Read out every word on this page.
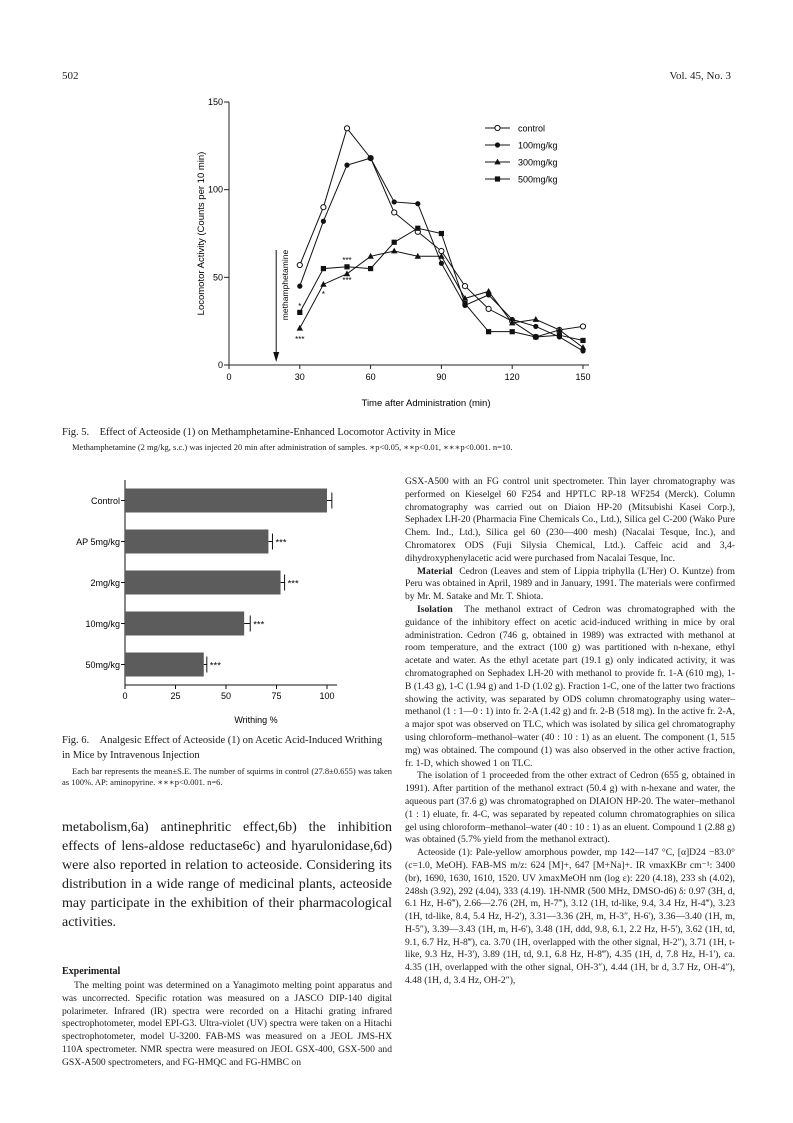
502	Vol. 45, No. 3
0
50
100
150
0	30	60	90	120	150
Time after Administration (min)
Locomotor Activity (Counts per 10 min)
control
100mg/kg
300mg/kg
500mg/kg
methamphetamine
***
*
*
***
***
Fig. 5. Effect of Acteoside (1) on Methamphetamine-Enhanced Locomotor Activity in Mice
Methamphetamine (2 mg/kg, s.c.) was injected 20 min after administration of samples. ∗p<0.05, ∗∗p<0.01, ∗∗∗p<0.001. n=10.
Control
AP 5mg/kg
2mg/kg
10mg/kg
50mg/kg
0	25	50	75	100
Writhing %
***
***
***
***
Fig. 6. Analgesic Effect of Acteoside (1) on Acetic Acid-Induced Writhing in Mice by Intravenous Injection
Each bar represents the mean±S.E. The number of squirms in control (27.8±0.655) was taken as 100%. AP: aminopyrine. ∗∗∗p<0.001. n=6.
metabolism,6a) antinephritic effect,6b) the inhibition effects of lens-aldose reductase6c) and hyarulonidase,6d) were also reported in relation to acteoside. Considering its distribution in a wide range of medicinal plants, acteoside may participate in the exhibition of their pharmacological activities.
Experimental

The melting point was determined on a Yanagimoto melting point apparatus and was uncorrected. Specific rotation was measured on a JASCO DIP-140 digital polarimeter. Infrared (IR) spectra were recorded on a Hitachi grating infrared spectrophotometer, model EPI-G3. Ultra-violet (UV) spectra were taken on a Hitachi spectrophotometer, model U-3200. FAB-MS was measured on a JEOL JMS-HX 110A spectrometer. NMR spectra were measured on JEOL GSX-400, GSX-500 and GSX-A500 spectrometers, and FG-HMQC and FG-HMBC on

GSX-A500 with an FG control unit spectrometer. Thin layer chromatography was performed on Kieselgel 60 F254 and HPTLC RP-18 WF254 (Merck). Column chromatography was carried out on Diaion HP-20 (Mitsubishi Kasei Corp.), Sephadex LH-20 (Pharmacia Fine Chemicals Co., Ltd.), Silica gel C-200 (Wako Pure Chem. Ind., Ltd.), Silica gel 60 (230—400 mesh) (Nacalai Tesque, Inc.), and Chromatorex ODS (Fuji Silysia Chemical, Ltd.). Caffeic acid and 3,4-dihydroxyphenylacetic acid were purchased from Nacalai Tesque, Inc.

Material Cedron (Leaves and stem of Lippia triphylla (L'Her) O. Kuntze) from Peru was obtained in April, 1989 and in January, 1991. The materials were confirmed by Mr. M. Satake and Mr. T. Shiota.

Isolation The methanol extract of Cedron was chromatographed with the guidance of the inhibitory effect on acetic acid-induced writhing in mice by oral administration. Cedron (746 g, obtained in 1989) was extracted with methanol at room temperature, and the extract (100 g) was partitioned with n-hexane, ethyl acetate and water. As the ethyl acetate part (19.1 g) only indicated activity, it was chromatographed on Sephadex LH-20 with methanol to provide fr. 1-A (610 mg), 1-B (1.43 g), 1-C (1.94 g) and 1-D (1.02 g). Fraction 1-C, one of the latter two fractions showing the activity, was separated by ODS column chromatography using water–methanol (1 : 1—0 : 1) into fr. 2-A (1.42 g) and fr. 2-B (518 mg). In the active fr. 2-A, a major spot was observed on TLC, which was isolated by silica gel chromatography using chloroform–methanol–water (40 : 10 : 1) as an eluent. The component (1, 515 mg) was obtained. The compound (1) was also observed in the other active fraction, fr. 1-D, which showed 1 on TLC.

The isolation of 1 proceeded from the other extract of Cedron (655 g, obtained in 1991). After partition of the methanol extract (50.4 g) with n-hexane and water, the aqueous part (37.6 g) was chromatographed on DIAION HP-20. The water–methanol (1 : 1) eluate, fr. 4-C, was separated by repeated column chromatographies on silica gel using chloroform–methanol–water (40 : 10 : 1) as an eluent. Compound 1 (2.88 g) was obtained (5.7% yield from the methanol extract).

Acteoside (1): Pale-yellow amorphous powder, mp 142—147 °C, [α]D24 −83.0° (c=1.0, MeOH). FAB-MS m/z: 624 [M]+, 647 [M+Na]+. IR νmaxKBr cm⁻¹: 3400 (br), 1690, 1630, 1610, 1520. UV λmaxMeOH nm (log ε): 220 (4.18), 233 sh (4.02), 248sh (3.92), 292 (4.04), 333 (4.19). 1H-NMR (500 MHz, DMSO-d6) δ: 0.97 (3H, d, 6.1 Hz, H-6‴), 2.66—2.76 (2H, m, H-7‴), 3.12 (1H, td-like, 9.4, 3.4 Hz, H-4‴), 3.23 (1H, td-like, 8.4, 5.4 Hz, H-2'), 3.31—3.36 (2H, m, H-3″, H-6'), 3.36—3.40 (1H, m, H-5″), 3.39—3.43 (1H, m, H-6'), 3.48 (1H, ddd, 9.8, 6.1, 2.2 Hz, H-5'), 3.62 (1H, td, 9.1, 6.7 Hz, H-8‴), ca. 3.70 (1H, overlapped with the other signal, H-2″), 3.71 (1H, t-like, 9.3 Hz, H-3'), 3.89 (1H, td, 9.1, 6.8 Hz, H-8‴), 4.35 (1H, d, 7.8 Hz, H-1'), ca. 4.35 (1H, overlapped with the other signal, OH-3″), 4.44 (1H, br d, 3.7 Hz, OH-4″), 4.48 (1H, d, 3.4 Hz, OH-2″),
